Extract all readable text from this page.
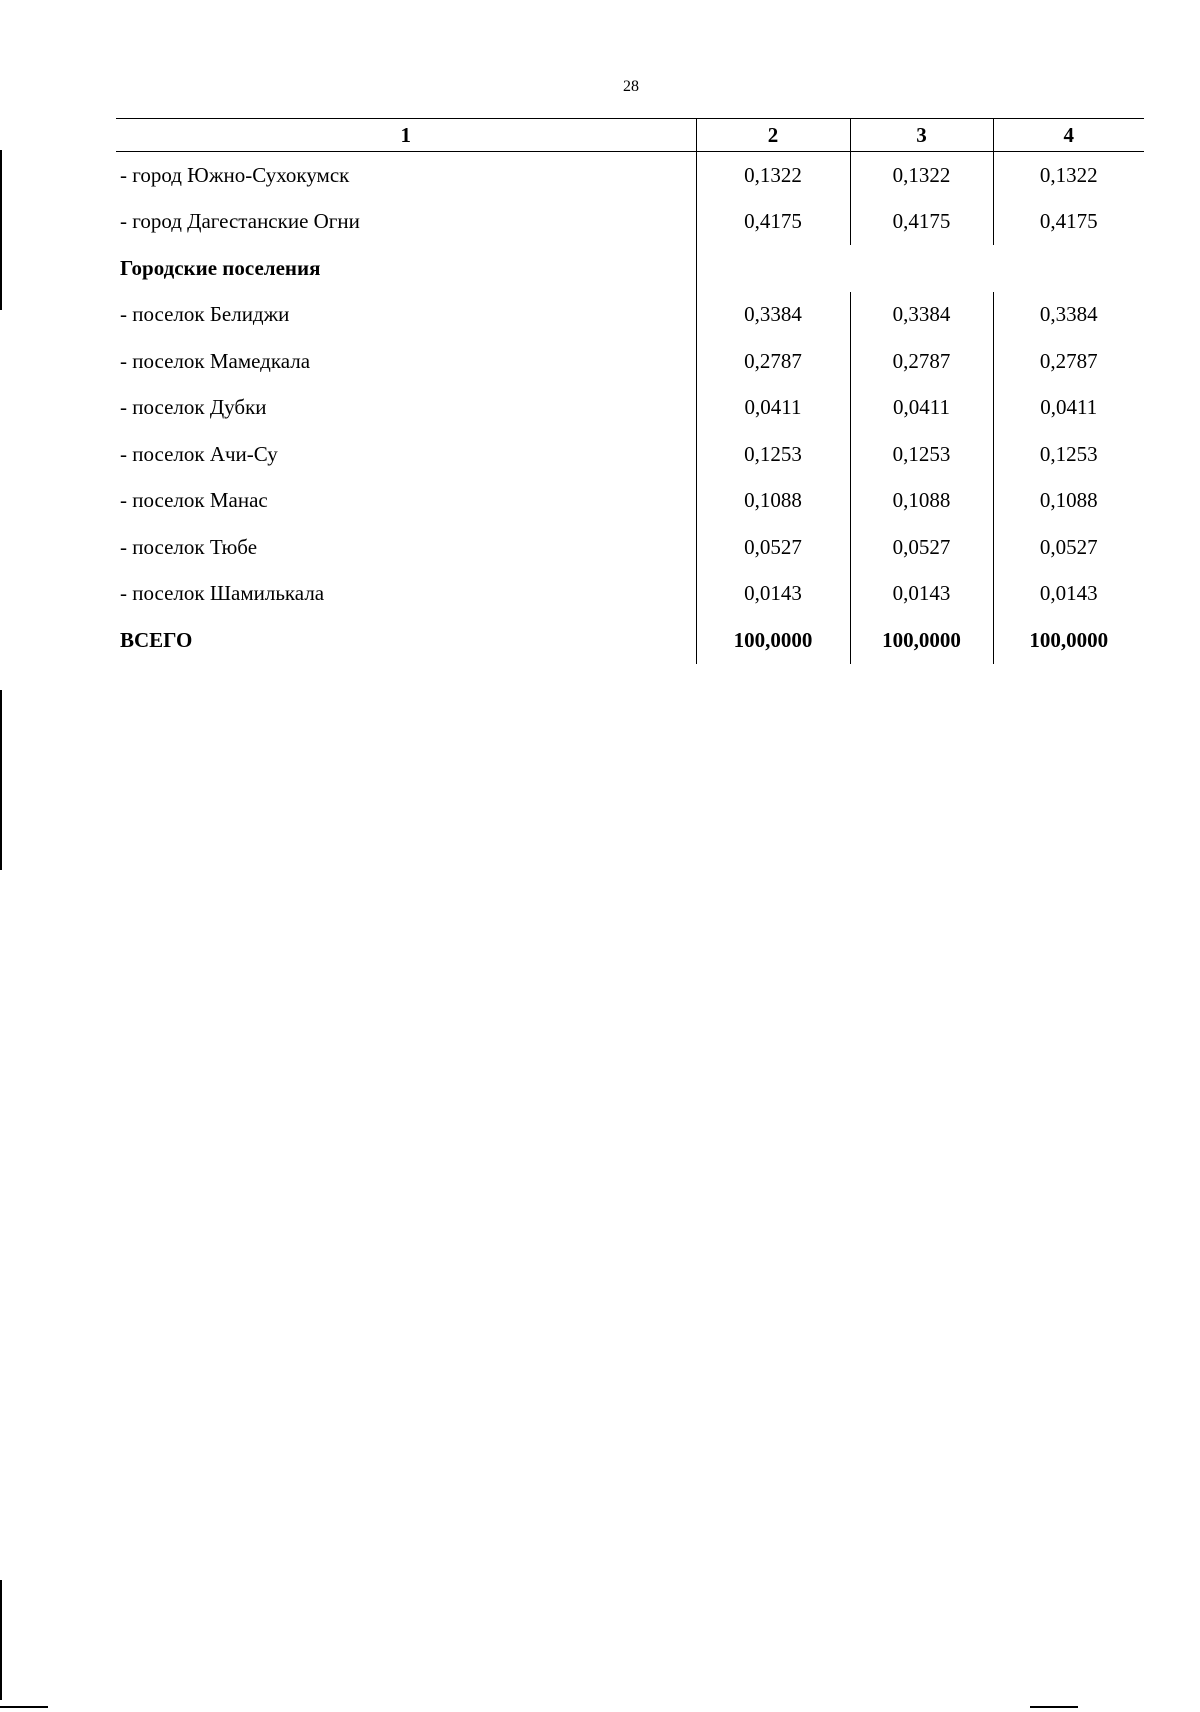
28
1	2	3	4
- город Южно-Сухокумск	0,1322	0,1322	0,1322
- город Дагестанские Огни	0,4175	0,4175	0,4175
Городские поселения			
- поселок Белиджи	0,3384	0,3384	0,3384
- поселок Мамедкала	0,2787	0,2787	0,2787
- поселок Дубки	0,0411	0,0411	0,0411
- поселок Ачи-Су	0,1253	0,1253	0,1253
- поселок Манас	0,1088	0,1088	0,1088
- поселок Тюбе	0,0527	0,0527	0,0527
- поселок Шамилькала	0,0143	0,0143	0,0143
ВСЕГО	100,0000	100,0000	100,0000
